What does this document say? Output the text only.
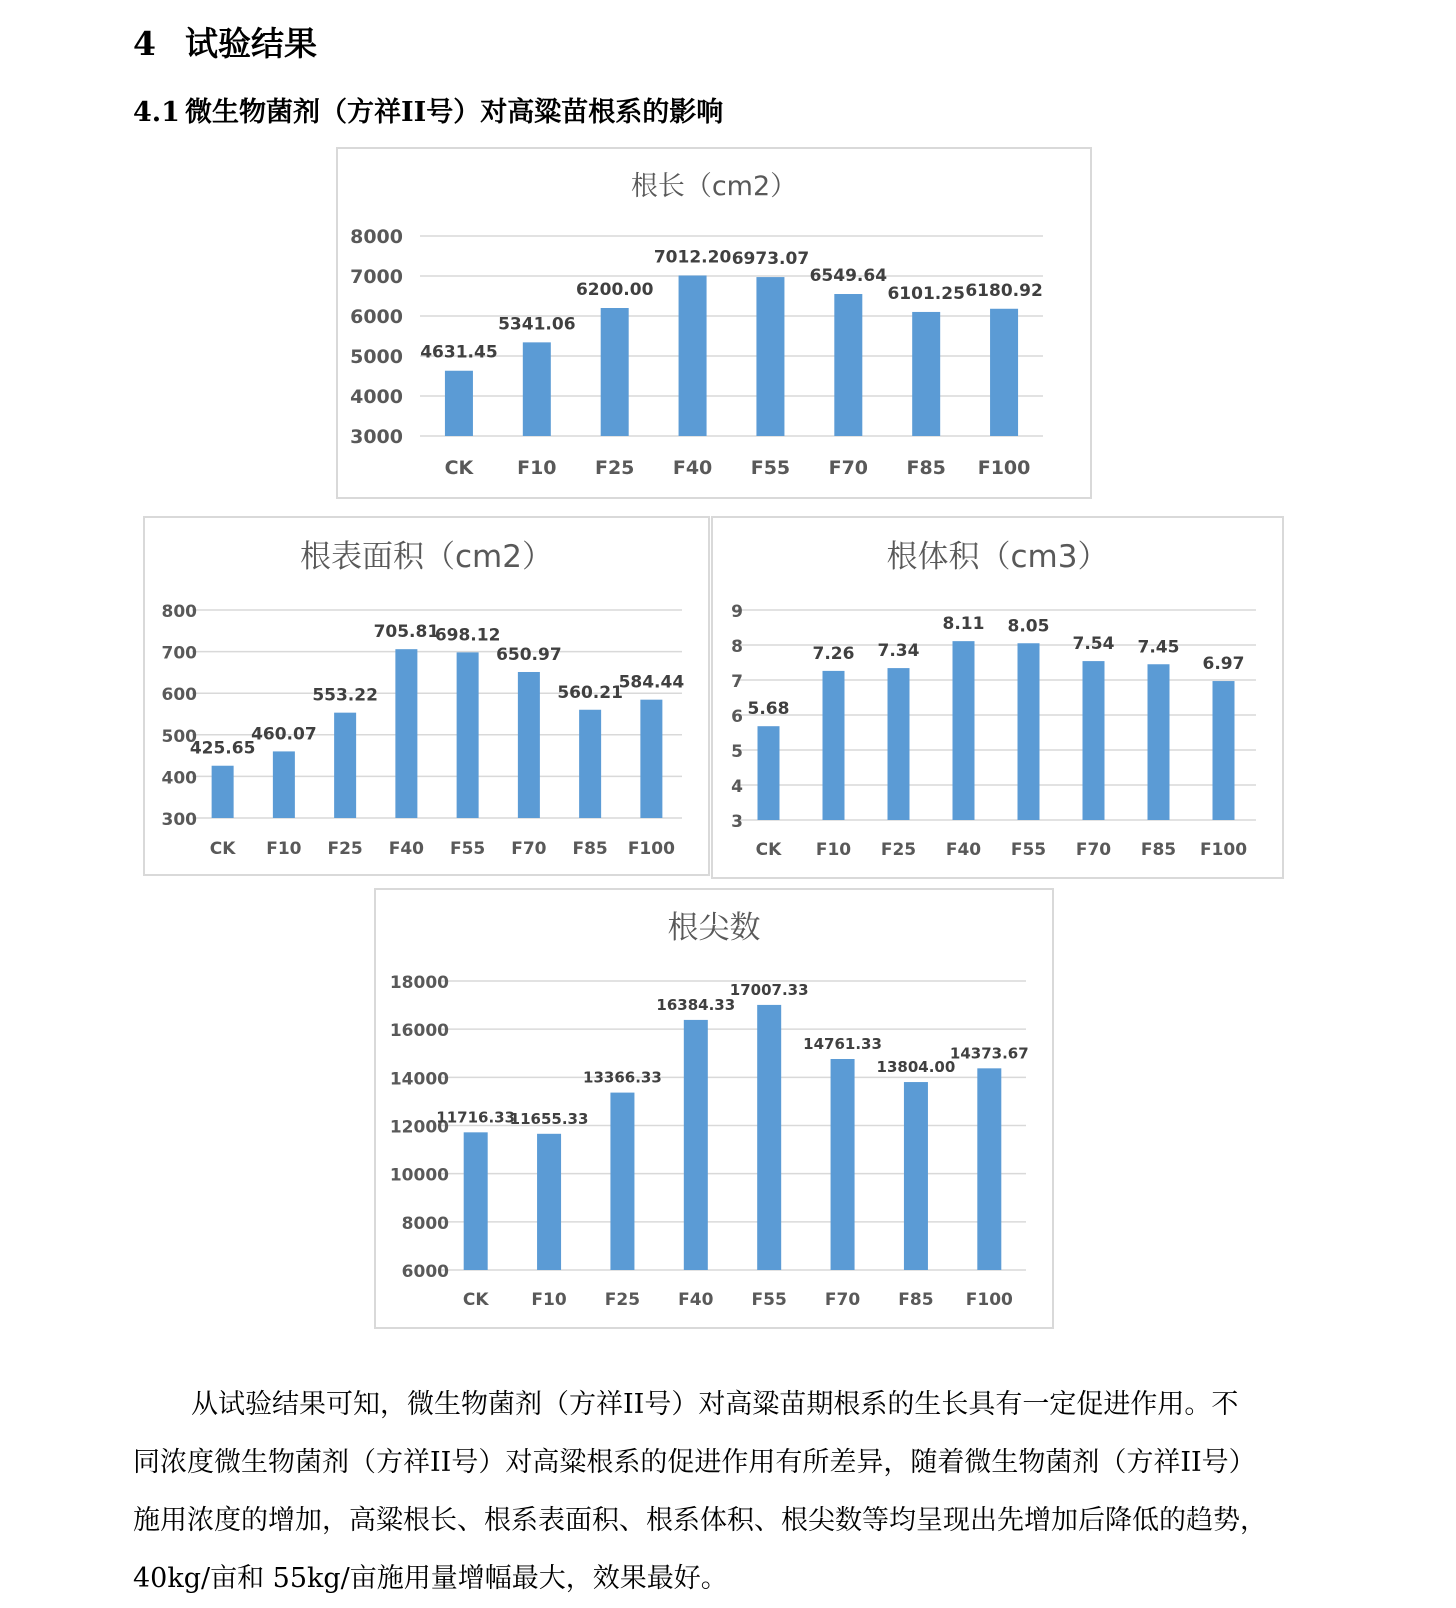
4 试验结果
4.1 微生物菌剂（方祥II号）对高粱苗根系的影响
根长（cm2）
3000
4000
5000
6000
7000
8000
4631.45
CK
5341.06
F10
6200.00
F25
7012.20
F40
6973.07
F55
6549.64
F70
6101.25
F85
6180.92
F100
根表面积（cm2）
300
400
500
600
700
800
425.65
CK
460.07
F10
553.22
F25
705.81
F40
698.12
F55
650.97
F70
560.21
F85
584.44
F100
根体积（cm3）
3
4
5
6
7
8
9
5.68
CK
7.26
F10
7.34
F25
8.11
F40
8.05
F55
7.54
F70
7.45
F85
6.97
F100
根尖数
6000
8000
10000
12000
14000
16000
18000
11716.33
CK
11655.33
F10
13366.33
F25
16384.33
F40
17007.33
F55
14761.33
F70
13804.00
F85
14373.67
F100

从试验结果可知，微生物菌剂（方祥II号）对高粱苗期根系的生长具有一定促进作用。不

同浓度微生物菌剂（方祥II号）对高粱根系的促进作用有所差异，随着微生物菌剂（方祥II号）

施用浓度的增加，高粱根长、根系表面积、根系体积、根尖数等均呈现出先增加后降低的趋势，

40kg/亩和 55kg/亩施用量增幅最大，效果最好。
